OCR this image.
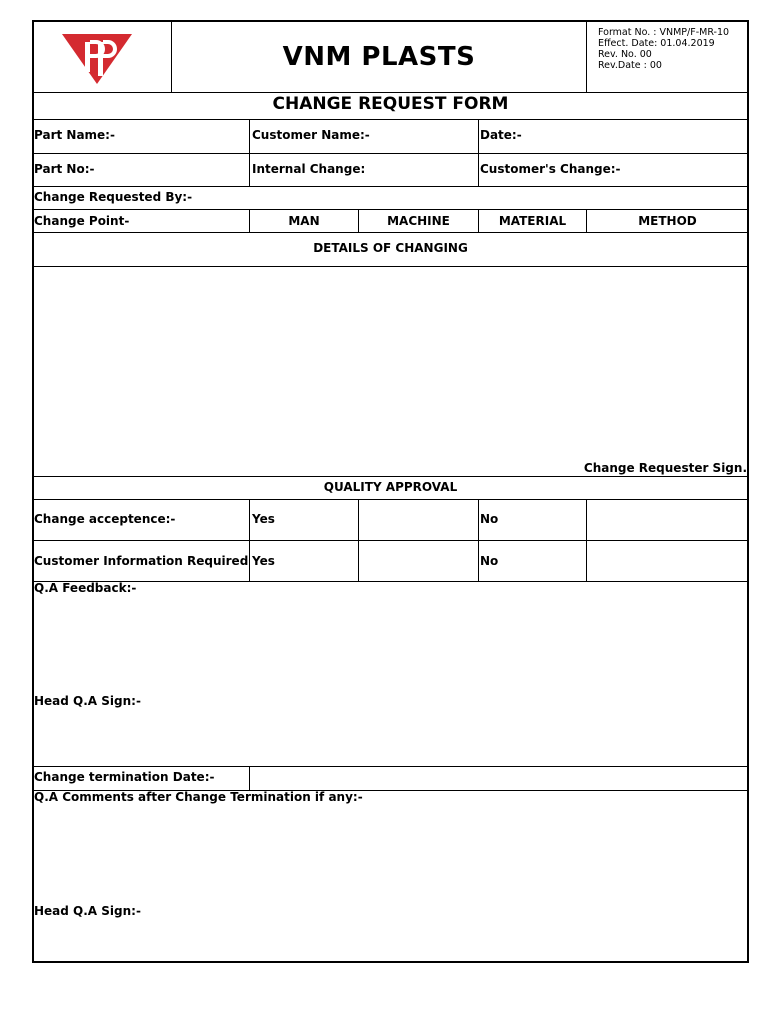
VNM PLASTS
Format No. : VNMP/F-MR-10
Effect. Date: 01.04.2019
Rev. No. 00
Rev.Date : 00
CHANGE REQUEST FORM
Part Name:-	Customer Name:-	Date:-
Part No:-	Internal Change:	Customer's Change:-
Change Requested By:-
Change Point-	MAN	MACHINE	MATERIAL	METHOD
DETAILS OF CHANGING
Change Requester Sign.
QUALITY APPROVAL
Change acceptence:-	Yes	No
Customer Information Required Yes	No
Q.A Feedback:-
Head Q.A Sign:-
Change termination Date:-
Q.A Comments after Change Termination if any:-
Head Q.A Sign:-
